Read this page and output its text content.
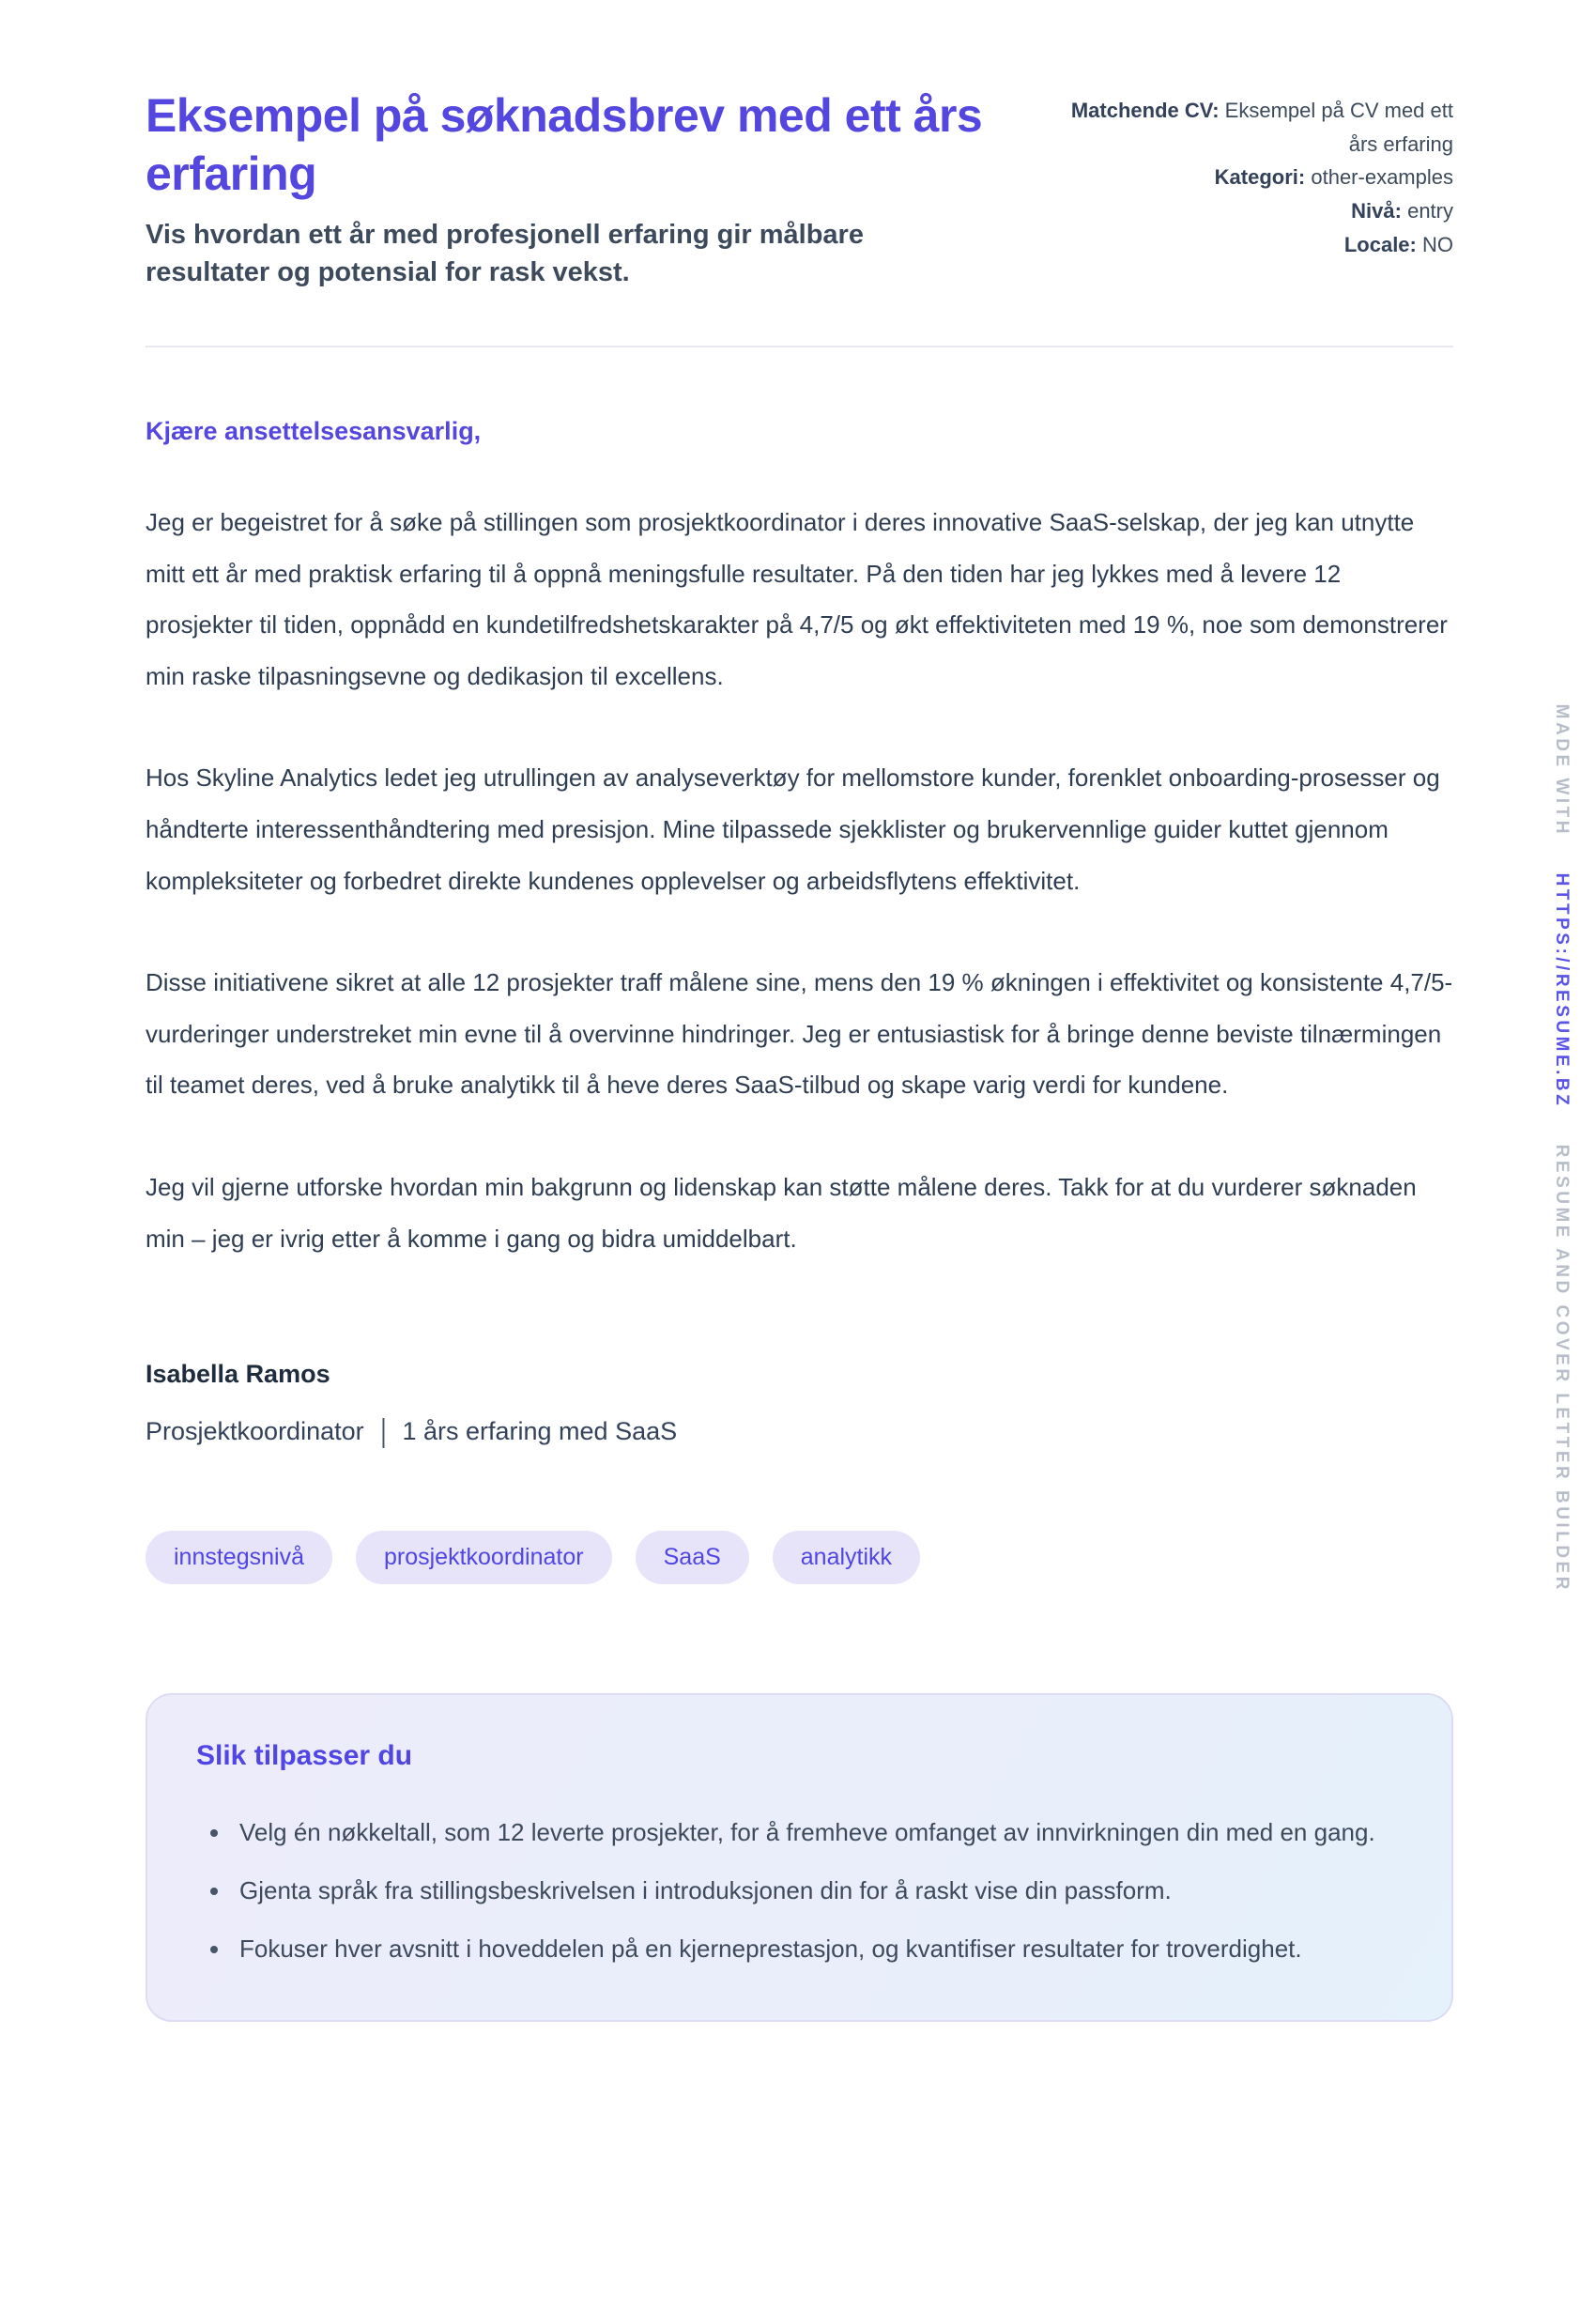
Eksempel på søknadsbrev med ett års erfaring

Vis hvordan ett år med profesjonell erfaring gir målbare resultater og potensial for rask vekst.

Matchende CV: Eksempel på CV med ett års erfaring
Kategori: other-examples
Nivå: entry
Locale: NO

Kjære ansettelsesansvarlig,

Jeg er begeistret for å søke på stillingen som prosjektkoordinator i deres innovative SaaS-selskap, der jeg kan utnytte mitt ett år med praktisk erfaring til å oppnå meningsfulle resultater. På den tiden har jeg lykkes med å levere 12 prosjekter til tiden, oppnådd en kundetilfredshetskarakter på 4,7/5 og økt effektiviteten med 19 %, noe som demonstrerer min raske tilpasningsevne og dedikasjon til excellens.

Hos Skyline Analytics ledet jeg utrullingen av analyseverktøy for mellomstore kunder, forenklet onboarding-prosesser og håndterte interessenthåndtering med presisjon. Mine tilpassede sjekklister og brukervennlige guider kuttet gjennom kompleksiteter og forbedret direkte kundenes opplevelser og arbeidsflytens effektivitet.

Disse initiativene sikret at alle 12 prosjekter traff målene sine, mens den 19 % økningen i effektivitet og konsistente 4,7/5-vurderinger understreket min evne til å overvinne hindringer. Jeg er entusiastisk for å bringe denne beviste tilnærmingen til teamet deres, ved å bruke analytikk til å heve deres SaaS-tilbud og skape varig verdi for kundene.

Jeg vil gjerne utforske hvordan min bakgrunn og lidenskap kan støtte målene deres. Takk for at du vurderer søknaden min – jeg er ivrig etter å komme i gang og bidra umiddelbart.

Isabella Ramos
Prosjektkoordinator | 1 års erfaring med SaaS
innstegsnivå	prosjektkoordinator	SaaS	analytikk
Slik tilpasser du
• Velg én nøkkeltall, som 12 leverte prosjekter, for å fremheve omfanget av innvirkningen din med en gang.
• Gjenta språk fra stillingsbeskrivelsen i introduksjonen din for å raskt vise din passform.
• Fokuser hver avsnitt i hoveddelen på en kjerneprestasjon, og kvantifiser resultater for troverdighet.
MADE WITH HTTPS://RESUME.BZ RESUME AND COVER LETTER BUILDER
